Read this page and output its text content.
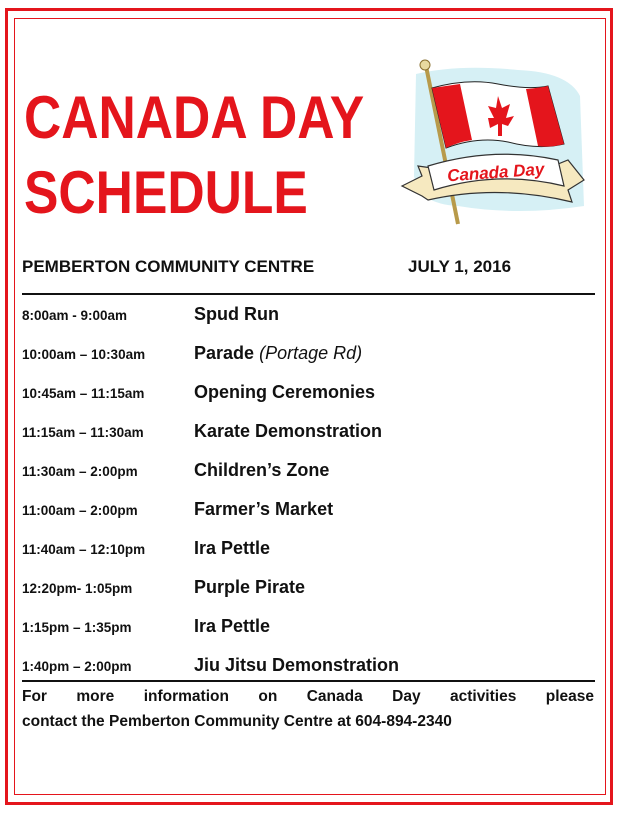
CANADA DAY
SCHEDULE	Canada Day
PEMBERTON COMMUNITY CENTRE	JULY 1, 2016
8:00am - 9:00am	Spud Run
10:00am – 10:30am	Parade (Portage Rd)
10:45am – 11:15am	Opening Ceremonies
11:15am – 11:30am	Karate Demonstration
11:30am – 2:00pm	Children’s Zone
11:00am – 2:00pm	Farmer’s Market
11:40am – 12:10pm	Ira Pettle
12:20pm- 1:05pm	Purple Pirate
1:15pm – 1:35pm	Ira Pettle
1:40pm – 2:00pm	Jiu Jitsu Demonstration
For more information on Canada Day activities please
contact the Pemberton Community Centre at 604-894-2340
